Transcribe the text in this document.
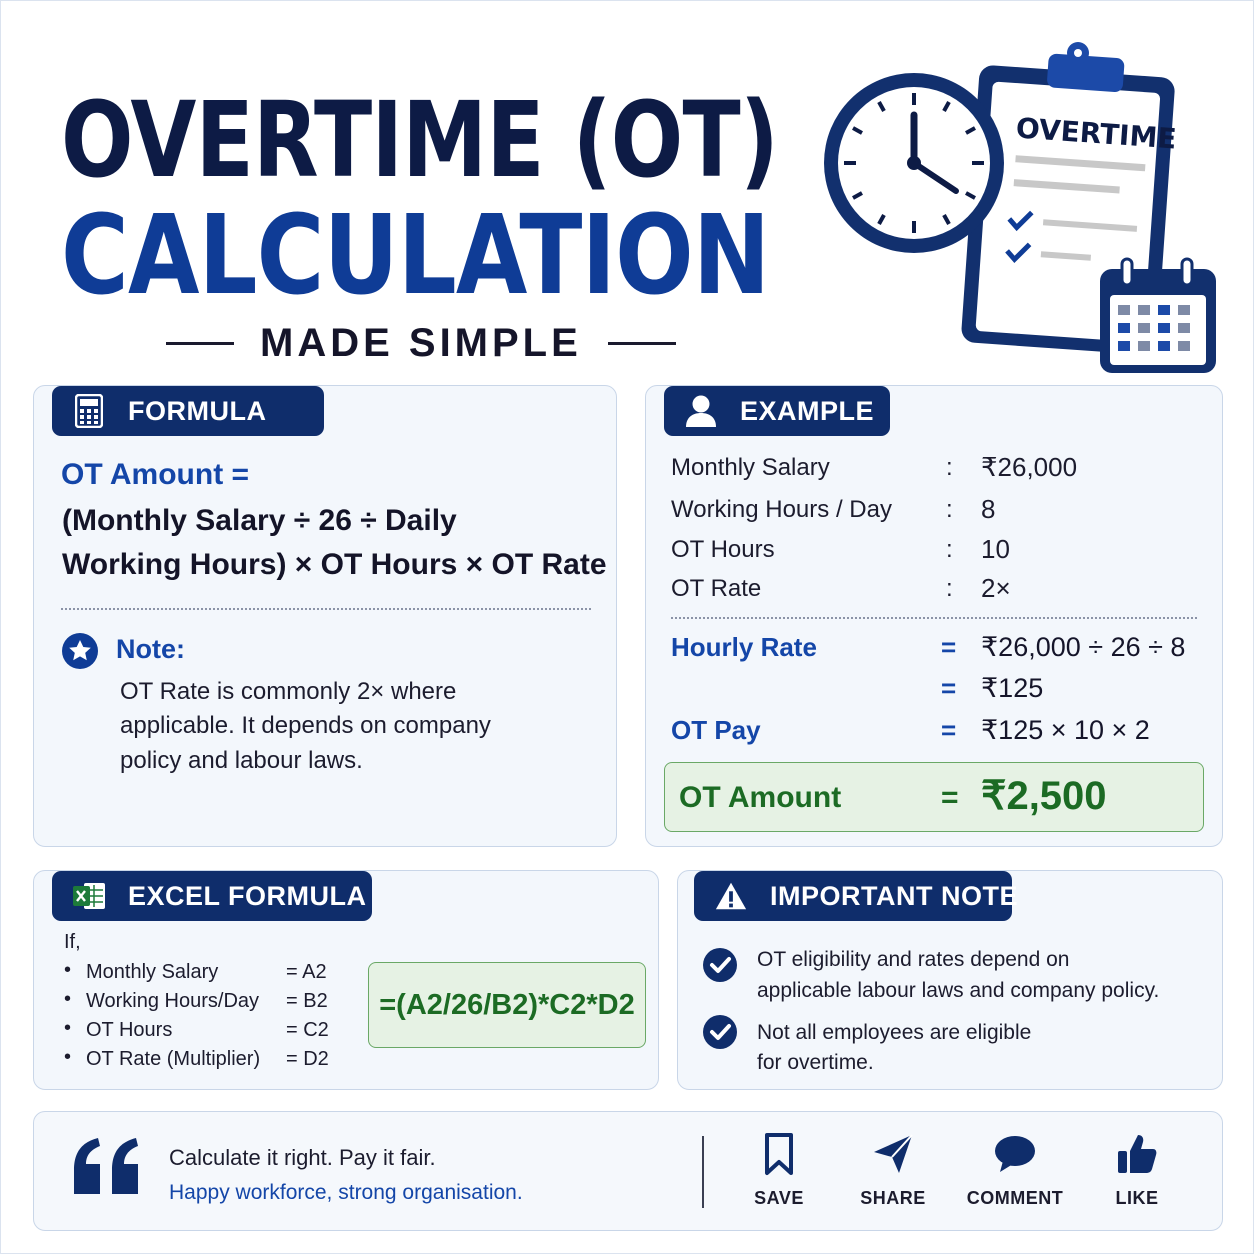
OVERTIME (OT)
CALCULATION
MADE SIMPLE
OVERTIME
FORMULA
OT Amount =
(Monthly Salary ÷ 26 ÷ Daily
Working Hours) × OT Hours × OT Rate
Note:
OT Rate is commonly 2× where
applicable. It depends on company
policy and labour laws.
EXAMPLE
Monthly Salary	: ₹26,000
Working Hours / Day : 8
OT Hours	: 10
OT Rate	: 2×
Hourly Rate	= ₹26,000 ÷ 26 ÷ 8
= ₹125
OT Pay	= ₹125 × 10 × 2
OT Amount	= ₹2,500
EXCEL FORMULA
If,
• Monthly Salary	= A2
• Working Hours/Day = B2
• OT Hours	= C2
• OT Rate (Multiplier) = D2
=(A2/26/B2)*C2*D2
IMPORTANT NOTE
OT eligibility and rates depend on
applicable labour laws and company policy.
Not all employees are eligible
for overtime.
Calculate it right. Pay it fair.
Happy workforce, strong organisation.	SAVE	SHARE COMMENT	LIKE
